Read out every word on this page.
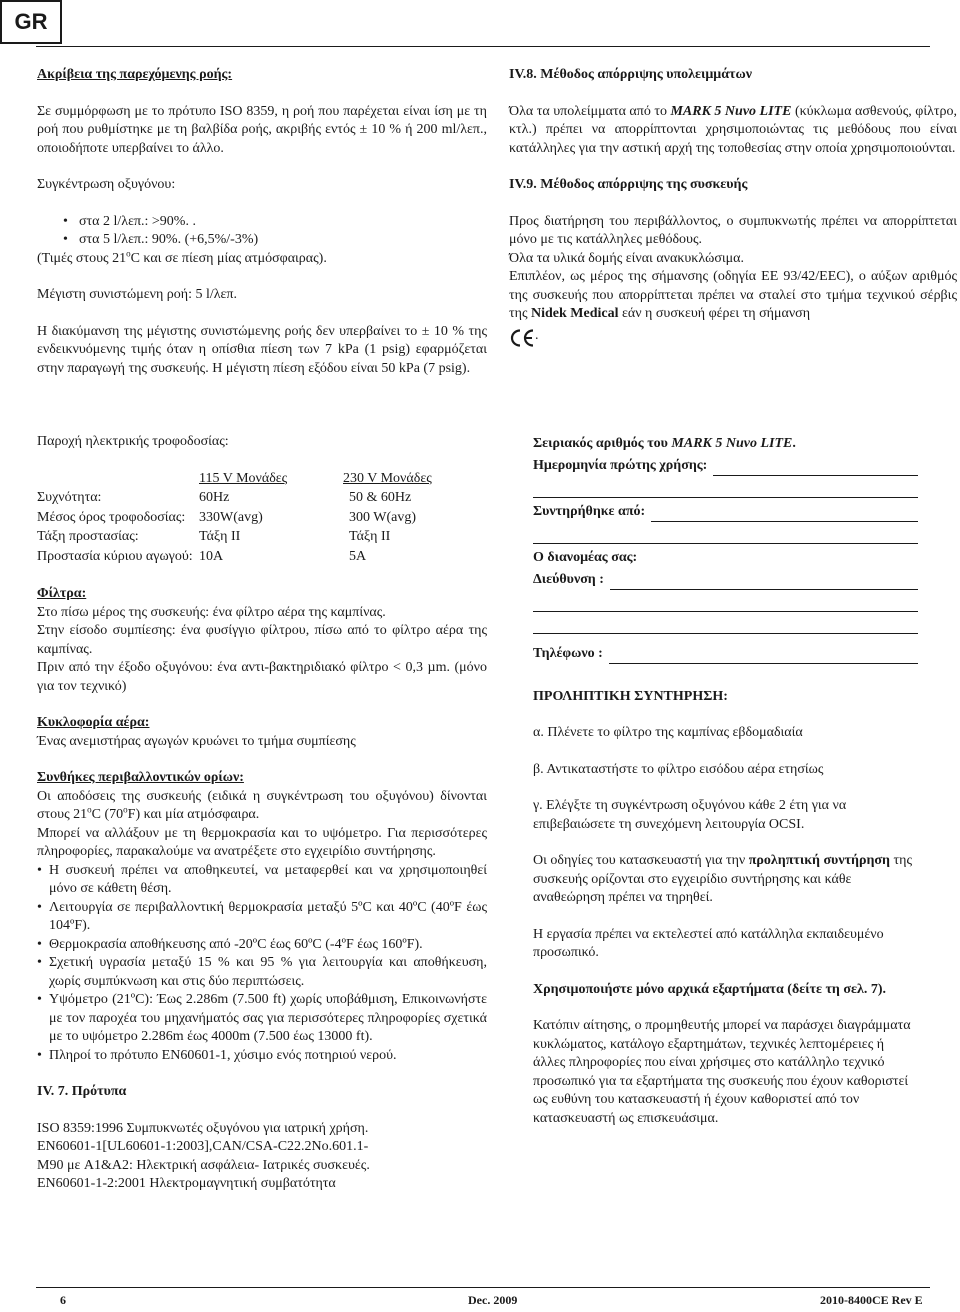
GR

Ακρίβεια της παρεχόμενης ροής:

Σε συμμόρφωση με το πρότυπο ISO 8359, η ροή που παρέχεται είναι ίση με τη ροή που ρυθμίστηκε με τη βαλβίδα ροής, ακριβής εντός ± 10 % ή 200 ml/λεπ., οποιοδήποτε υπερβαίνει το άλλο.

Συγκέντρωση οξυγόνου:

• στα 2 l/λεπ.: >90%. .

• στα 5 l/λεπ.: 90%. (+6,5%/-3%)

(Τιμές στους 21$^o$C και σε πίεση μίας ατμόσφαιρας).

Μέγιστη συνιστώμενη ροή: 5 l/λεπ.

Η διακύμανση της μέγιστης συνιστώμενης ροής δεν υπερβαίνει το ± 10 % της ενδεικνυόμενης τιμής όταν η οπίσθια πίεση των 7 kPa (1 psig) εφαρμόζεται στην παραγωγή της συσκευής. Η μέγιστη πίεση εξόδου είναι 50 kPa (7 psig).

Παροχή ηλεκτρικής τροφοδοσίας:

	115 V Μονάδες	230 V Μονάδες
Συχνότητα:	60Hz	50 & 60Hz
Μέσος όρος τροφοδοσίας:	330W(avg)	300 W(avg)
Τάξη προστασίας:	Τάξη II	Τάξη II
Προστασία κύριου αγωγού:	10A	5A

Φίλτρα:

Στο πίσω μέρος της συσκευής: ένα φίλτρο αέρα της καμπίνας.

Στην είσοδο συμπίεσης: ένα φυσίγγιο φίλτρου, πίσω από το φίλτρο αέρα της καμπίνας.

Πριν από την έξοδο οξυγόνου: ένα αντι-βακτηριδιακό φίλτρο < 0,3 µm. (μόνο για τον τεχνικό)

Κυκλοφορία αέρα:

Ένας ανεμιστήρας αγωγών κρυώνει το τμήμα συμπίεσης

Συνθήκες περιβαλλοντικών ορίων:

Οι αποδόσεις της συσκευής (ειδικά η συγκέντρωση του οξυγόνου) δίνονται στους 21$^o$C (70$^o$F) και μία ατμόσφαιρα.

Μπορεί να αλλάξουν με τη θερμοκρασία και το υψόμετρο. Για περισσότερες πληροφορίες, παρακαλούμε να ανατρέξετε στο εγχειρίδιο συντήρησης.

• Η συσκευή πρέπει να αποθηκευτεί, να μεταφερθεί και να χρησιμοποιηθεί μόνο σε κάθετη θέση.

• Λειτουργία σε περιβαλλοντική θερμοκρασία μεταξύ 5ºC και 40ºC (40ºF έως 104ºF).

• Θερμοκρασία αποθήκευσης από -20ºC έως 60ºC (-4ºF έως 160ºF).

• Σχετική υγρασία μεταξύ 15 % και 95 % για λειτουργία και αποθήκευση, χωρίς συμπύκνωση και στις δύο περιπτώσεις.

• Υψόμετρο (21ºC): Έως 2.286m (7.500 ft) χωρίς υποβάθμιση, Επικοινωνήστε με τον παροχέα του μηχανήματός σας για περισσότερες πληροφορίες σχετικά με το υψόμετρο 2.286m έως 4000m (7.500 έως 13000 ft).

• Πληροί το πρότυπο EN60601-1, χύσιμο ενός ποτηριού νερού.

IV. 7. Πρότυπα

ISO 8359:1996 Συμπυκνωτές οξυγόνου για ιατρική χρήση.

EN60601-1[UL60601-1:2003],CAN/CSA-C22.2No.601.1-

M90 με A1&A2: Ηλεκτρική ασφάλεια- Ιατρικές συσκευές.

EN60601-1-2:2001 Ηλεκτρομαγνητική συμβατότητα

IV.8. Μέθοδος απόρριψης υπολειμμάτων

Όλα τα υπολείμματα από το MARK 5 Nuvo LITE (κύκλωμα ασθενούς, φίλτρο, κτλ.) πρέπει να απορρίπτονται χρησιμοποιώντας τις μεθόδους που είναι κατάλληλες για την αστική αρχή της τοποθεσίας στην οποία χρησιμοποιούνται.

IV.9. Μέθοδος απόρριψης της συσκευής

Προς διατήρηση του περιβάλλοντος, ο συμπυκνωτής πρέπει να απορρίπτεται μόνο με τις κατάλληλες μεθόδους.

Όλα τα υλικά δομής είναι ανακυκλώσιμα.

Επιπλέον, ως μέρος της σήμανσης (οδηγία ΕΕ 93/42/EEC), ο αύξων αριθμός της συσκευής που απορρίπτεται πρέπει να σταλεί στο τμήμα τεχνικού σέρβις της Nidek Medical εάν η συσκευή φέρει τη σήμανση

.

Σειριακός αριθμός του MARK 5 Nuvo LITE.

Ημερομηνία πρώτης χρήσης:
Συντηρήθηκε από:
Ο διανομέας σας:
Διεύθυνση :
Τηλέφωνο :

ΠΡΟΛΗΠΤΙΚΗ ΣΥΝΤΗΡΗΣΗ:

α. Πλένετε το φίλτρο της καμπίνας εβδομαδιαία

β. Αντικαταστήστε το φίλτρο εισόδου αέρα ετησίως

γ. Ελέγξτε τη συγκέντρωση οξυγόνου κάθε 2 έτη για να επιβεβαιώσετε τη συνεχόμενη λειτουργία OCSI.

Οι οδηγίες του κατασκευαστή για την προληπτική συντήρηση της συσκευής ορίζονται στο εγχειρίδιο συντήρησης και κάθε αναθεώρηση πρέπει να τηρηθεί.

Η εργασία πρέπει να εκτελεστεί από κατάλληλα εκπαιδευμένο προσωπικό.

Χρησιμοποιήστε μόνο αρχικά εξαρτήματα (δείτε τη σελ. 7).

Κατόπιν αίτησης, ο προμηθευτής μπορεί να παράσχει διαγράμματα κυκλώματος, κατάλογο εξαρτημάτων, τεχνικές λεπτομέρειες ή άλλες πληροφορίες που είναι χρήσιμες στο κατάλληλο τεχνικό προσωπικό για τα εξαρτήματα της συσκευής που έχουν καθοριστεί ως ευθύνη του κατασκευαστή ή έχουν καθοριστεί από τον κατασκευαστή ως επισκευάσιμα.

6	Dec. 2009	2010-8400CE Rev E
